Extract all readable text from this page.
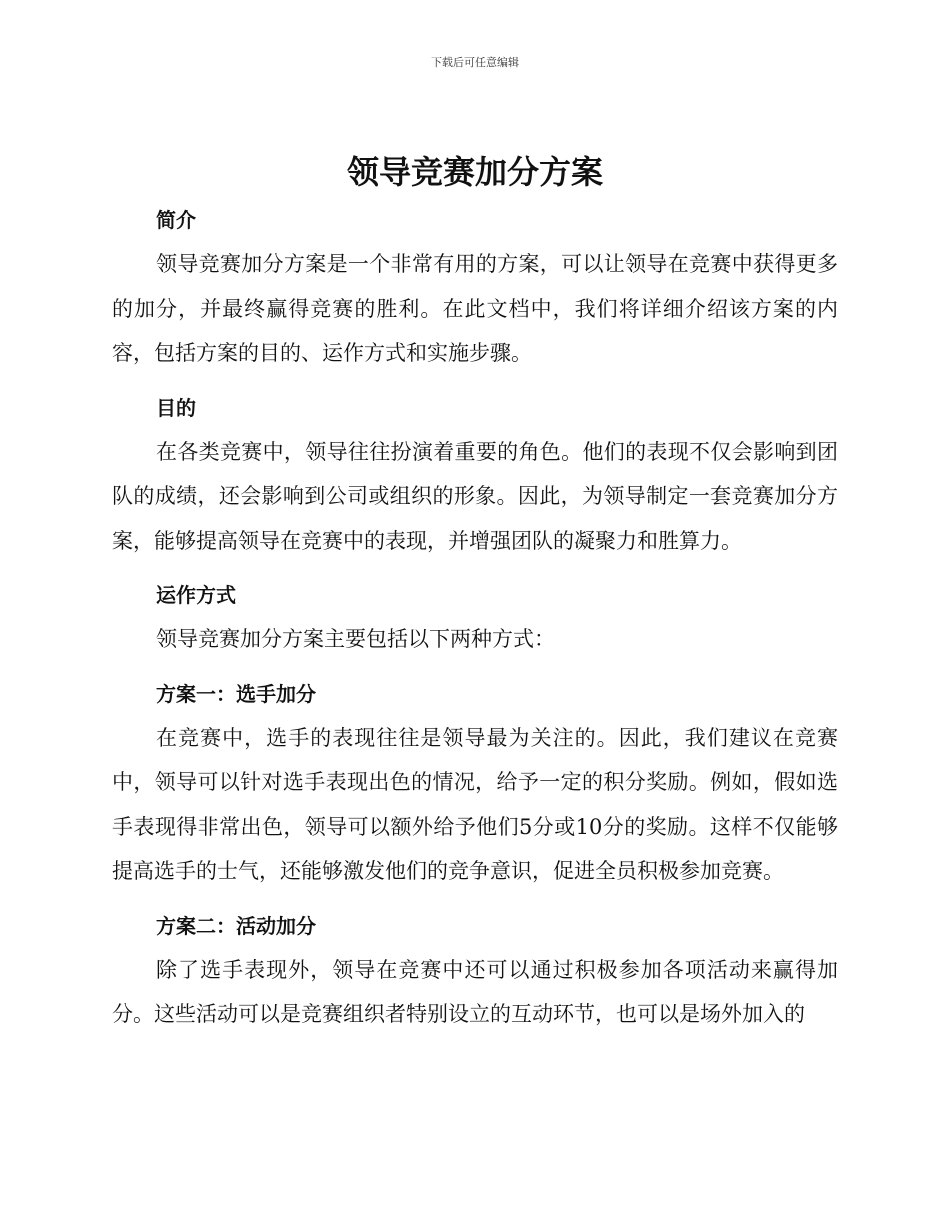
下载后可任意编辑
领导竞赛加分方案
简介

领导竞赛加分方案是一个非常有用的方案，可以让领导在竞赛中获得更多的加分，并最终赢得竞赛的胜利。在此文档中，我们将详细介绍该方案的内容，包括方案的目的、运作方式和实施步骤。

目的

在各类竞赛中，领导往往扮演着重要的角色。他们的表现不仅会影响到团队的成绩，还会影响到公司或组织的形象。因此，为领导制定一套竞赛加分方案，能够提高领导在竞赛中的表现，并增强团队的凝聚力和胜算力。

运作方式

领导竞赛加分方案主要包括以下两种方式：

方案一：选手加分

在竞赛中，选手的表现往往是领导最为关注的。因此，我们建议在竞赛中，领导可以针对选手表现出色的情况，给予一定的积分奖励。例如，假如选手表现得非常出色，领导可以额外给予他们5分或10分的奖励。这样不仅能够提高选手的士气，还能够激发他们的竞争意识，促进全员积极参加竞赛。

方案二：活动加分

除了选手表现外，领导在竞赛中还可以通过积极参加各项活动来赢得加分。这些活动可以是竞赛组织者特别设立的互动环节，也可以是场外加入的
